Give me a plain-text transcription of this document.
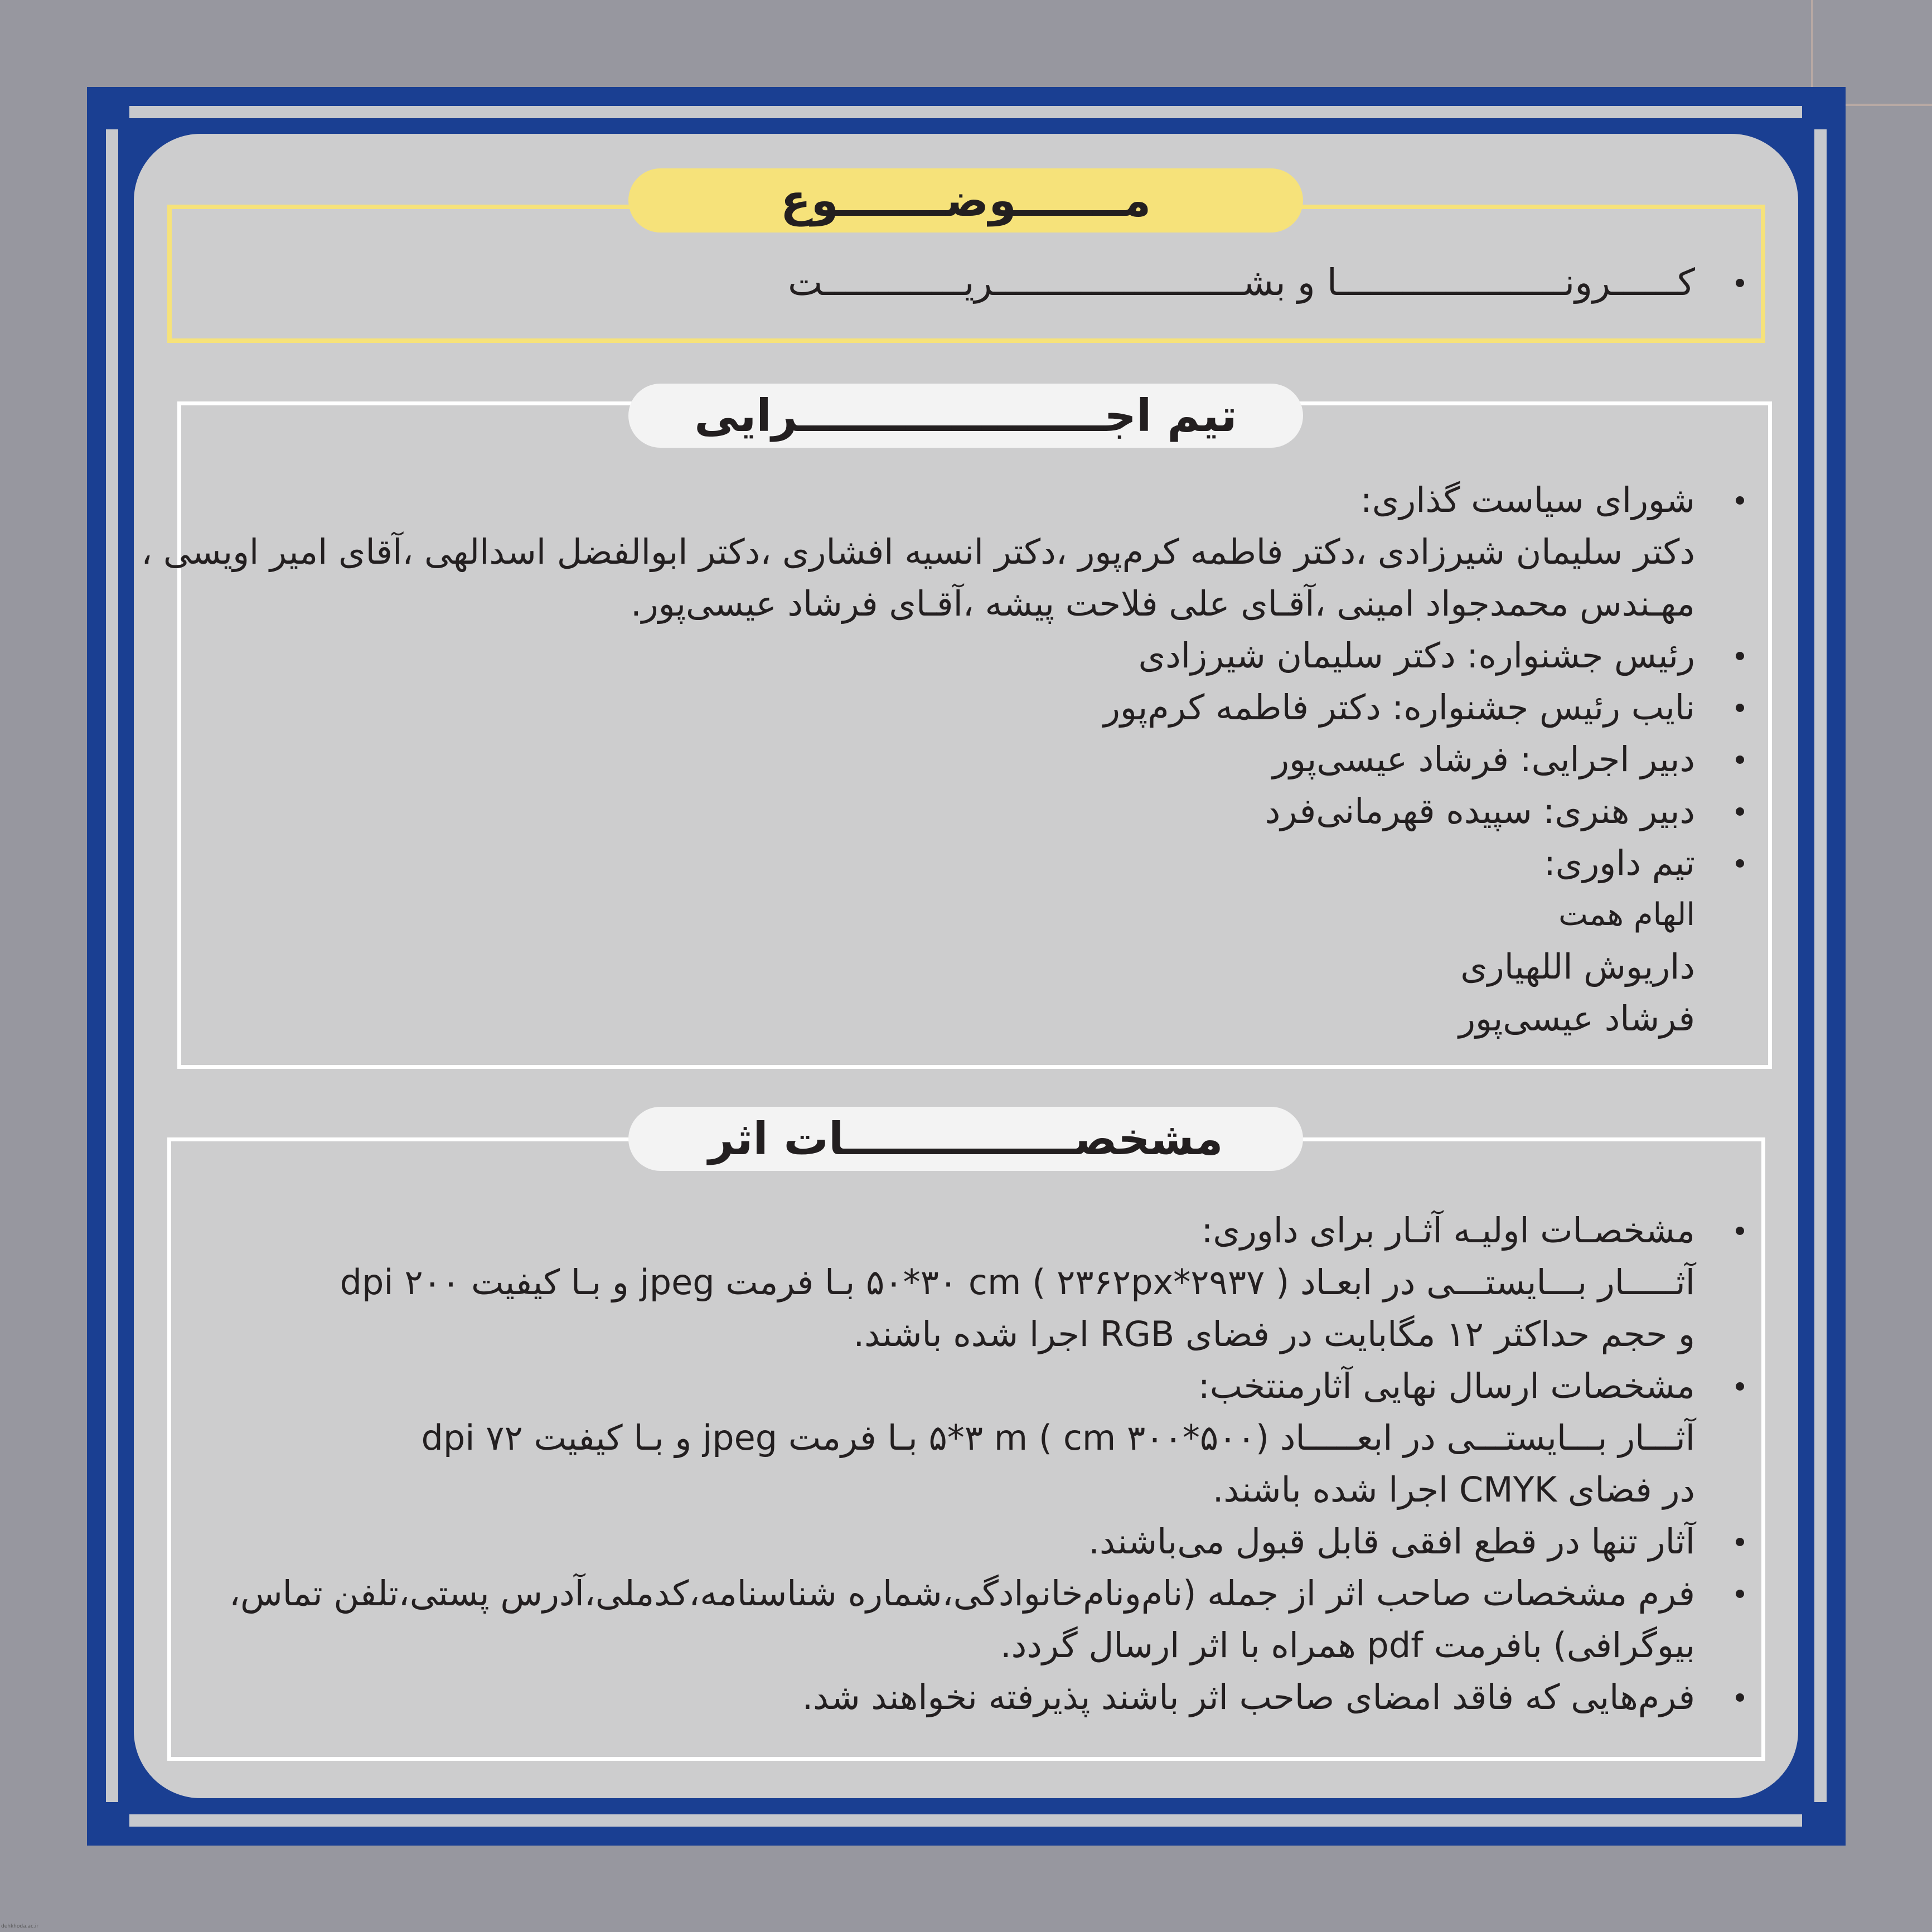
مـــــــوضـــــــوع
کــــــرونـــــــــــــــــــــا و بشـــــــــــــــــــــــریـــــــــــــت
تیم اجــــــــــــــــــــرایی
شورای سیاست گذاری:
دکتر سلیمان شیرزادی ،دکتر فاطمه کرم‌پور ،دکتر انسیه افشاری ،دکتر ابوالفضل اسدالهی ،آقای امیر اویسی ،
مهـندس محمدجواد امینی ،آقـای علی فلاحت پیشه ،آقـای فرشاد عیسی‌پور.
رئیس جشنواره: دکتر سلیمان شیرزادی
نایب رئیس جشنواره: دکتر فاطمه کرم‌پور
دبیر اجرایی: فرشاد عیسی‌پور
دبیر هنری: سپیده قهرمانی‌فرد
تیم داوری:
الهام همت
داریوش اللهیاری
فرشاد عیسی‌پور
مشخصـــــــــــــــات اثر
مشخصـات اولیـه آثـار برای داوری:
آثـــــار بـــایستـــی در ابعـاد ( ۲۹۳۷*۲۳۶۲px ) ۵۰*۳۰ cm بـا فرمت jpeg و بـا کیفیت ۲۰۰ dpi
و حجم حداکثر ۱۲ مگابایت در فضای RGB اجرا شده باشند.
مشخصات ارسال نهایی آثارمنتخب:
آثـــار بـــایستـــی در ابعـــــاد (۵۰۰*۳۰۰ cm ) ۵*۳ m بـا فرمت jpeg و بـا کیفیت ۷۲ dpi
در فضای CMYK اجرا شده باشند.
آثار تنها در قطع افقی قابل قبول می‌باشند.
فرم مشخصات صاحب اثر از جمله (نام‌ونام‌خانوادگی،شماره شناسنامه،کدملی،آدرس پستی،تلفن تماس،
بیوگرافی) بافرمت pdf همراه با اثر ارسال گردد.
فرم‌هایی که فاقد امضای صاحب اثر باشند پذیرفته نخواهند شد.
dehkhoda.ac.ir
